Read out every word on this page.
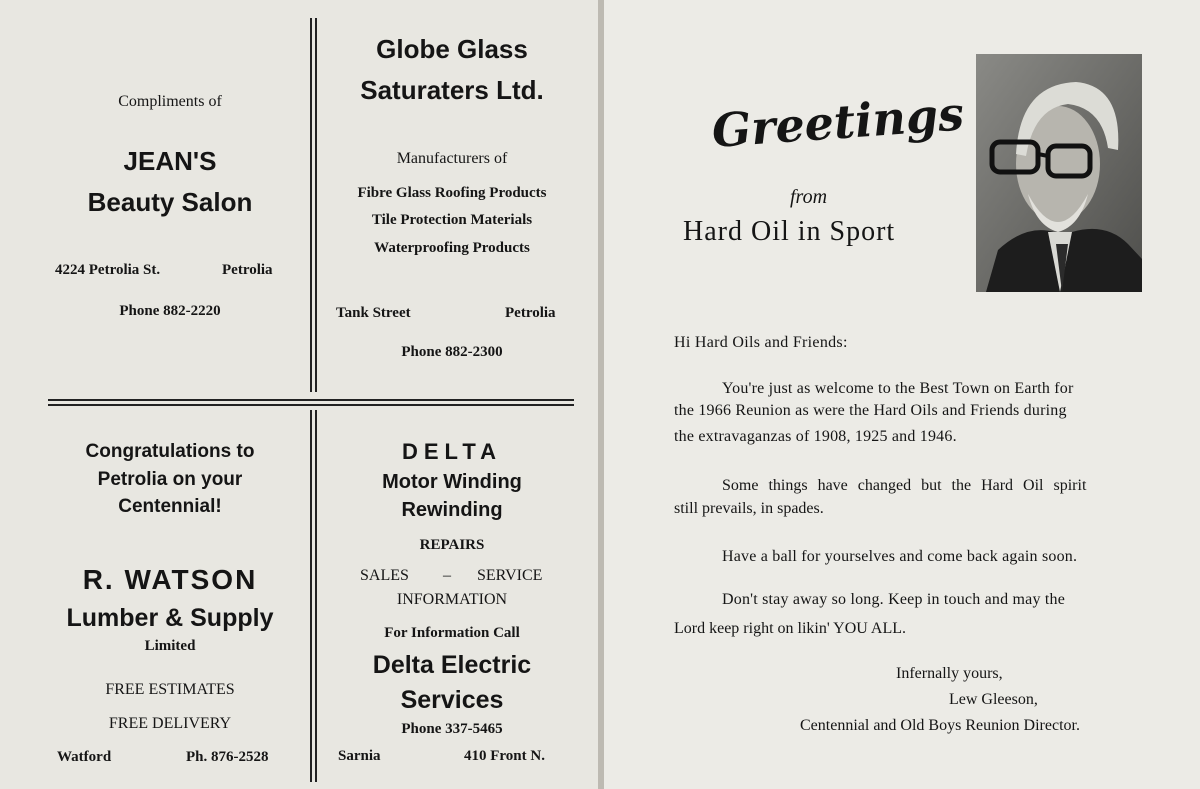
Compliments of
JEAN'S
Beauty Salon
4224 Petrolia St.	Petrolia
Phone 882-2220
Globe Glass
Saturaters Ltd.
Manufacturers of
Fibre Glass Roofing Products
Tile Protection Materials
Waterproofing Products
Tank Street	Petrolia
Phone 882-2300
Congratulations to
Petrolia on your
Centennial!
R. WATSON
Lumber & Supply
Limited
FREE ESTIMATES
FREE DELIVERY
Watford	Ph. 876-2528
DELTA
Motor Winding
Rewinding
REPAIRS
SALES – SERVICE
INFORMATION
For Information Call
Delta Electric
Services
Phone 337-5465
Sarnia	410 Front N.
Greetings
from
Hard Oil in Sport
Hi Hard Oils and Friends:
You're just as welcome to the Best Town on Earth for
the 1966 Reunion as were the Hard Oils and Friends during
the extravaganzas of 1908, 1925 and 1946.
Some things have changed but the Hard Oil spirit
still prevails, in spades.
Have a ball for yourselves and come back again soon.
Don't stay away so long. Keep in touch and may the
Lord keep right on likin' YOU ALL.
Infernally yours,
Lew Gleeson,
Centennial and Old Boys Reunion Director.
